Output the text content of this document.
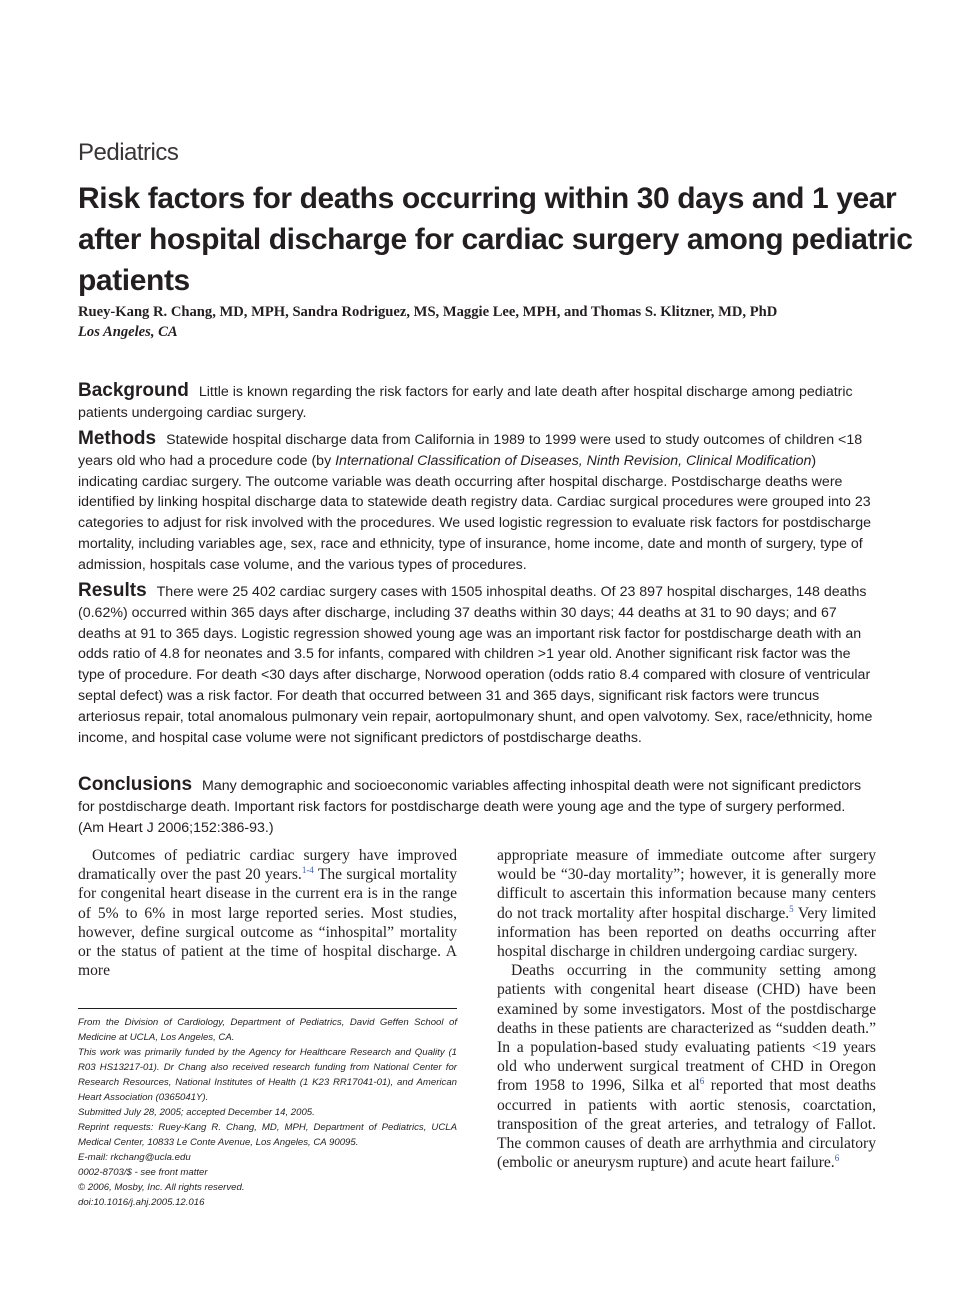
Pediatrics
Risk factors for deaths occurring within 30 days and 1 year after hospital discharge for cardiac surgery among pediatric patients
Ruey-Kang R. Chang, MD, MPH, Sandra Rodriguez, MS, Maggie Lee, MPH, and Thomas S. Klitzner, MD, PhD
Los Angeles, CA
Background Little is known regarding the risk factors for early and late death after hospital discharge among pediatric patients undergoing cardiac surgery.
Methods Statewide hospital discharge data from California in 1989 to 1999 were used to study outcomes of children <18 years old who had a procedure code (by International Classification of Diseases, Ninth Revision, Clinical Modification) indicating cardiac surgery. The outcome variable was death occurring after hospital discharge. Postdischarge deaths were identified by linking hospital discharge data to statewide death registry data. Cardiac surgical procedures were grouped into 23 categories to adjust for risk involved with the procedures. We used logistic regression to evaluate risk factors for postdischarge mortality, including variables age, sex, race and ethnicity, type of insurance, home income, date and month of surgery, type of admission, hospitals case volume, and the various types of procedures.
Results There were 25 402 cardiac surgery cases with 1505 inhospital deaths. Of 23 897 hospital discharges, 148 deaths (0.62%) occurred within 365 days after discharge, including 37 deaths within 30 days; 44 deaths at 31 to 90 days; and 67 deaths at 91 to 365 days. Logistic regression showed young age was an important risk factor for postdischarge death with an odds ratio of 4.8 for neonates and 3.5 for infants, compared with children >1 year old. Another significant risk factor was the type of procedure. For death <30 days after discharge, Norwood operation (odds ratio 8.4 compared with closure of ventricular septal defect) was a risk factor. For death that occurred between 31 and 365 days, significant risk factors were truncus arteriosus repair, total anomalous pulmonary vein repair, aortopulmonary shunt, and open valvotomy. Sex, race/ethnicity, home income, and hospital case volume were not significant predictors of postdischarge deaths.
Conclusions Many demographic and socioeconomic variables affecting inhospital death were not significant predictors for postdischarge death. Important risk factors for postdischarge death were young age and the type of surgery performed. (Am Heart J 2006;152:386-93.)

Outcomes of pediatric cardiac surgery have improved dramatically over the past 20 years.$^{1-4}$ The surgical mortality for congenital heart disease in the current era is in the range of 5% to 6% in most large reported series. Most studies, however, define surgical outcome as “inhospital” mortality or the status of patient at the time of hospital discharge. A more

From the Division of Cardiology, Department of Pediatrics, David Geffen School of Medicine at UCLA, Los Angeles, CA.
This work was primarily funded by the Agency for Healthcare Research and Quality (1 R03 HS13217-01). Dr Chang also received research funding from National Center for Research Resources, National Institutes of Health (1 K23 RR17041-01), and American Heart Association (0365041Y).
Submitted July 28, 2005; accepted December 14, 2005.
Reprint requests: Ruey-Kang R. Chang, MD, MPH, Department of Pediatrics, UCLA Medical Center, 10833 Le Conte Avenue, Los Angeles, CA 90095.
E-mail: rkchang@ucla.edu
0002-8703/$ - see front matter
© 2006, Mosby, Inc. All rights reserved.
doi:10.1016/j.ahj.2005.12.016

appropriate measure of immediate outcome after surgery would be “30-day mortality”; however, it is generally more difficult to ascertain this information because many centers do not track mortality after hospital discharge.$^5$ Very limited information has been reported on deaths occurring after hospital discharge in children undergoing cardiac surgery.

Deaths occurring in the community setting among patients with congenital heart disease (CHD) have been examined by some investigators. Most of the postdischarge deaths in these patients are characterized as “sudden death.” In a population-based study evaluating patients <19 years old who underwent surgical treatment of CHD in Oregon from 1958 to 1996, Silka et $al^6$ reported that most deaths occurred in patients with aortic stenosis, coarctation, transposition of the great arteries, and tetralogy of Fallot. The common causes of death are arrhythmia and circulatory (embolic or aneurysm rupture) and acute heart failure.$^6$
